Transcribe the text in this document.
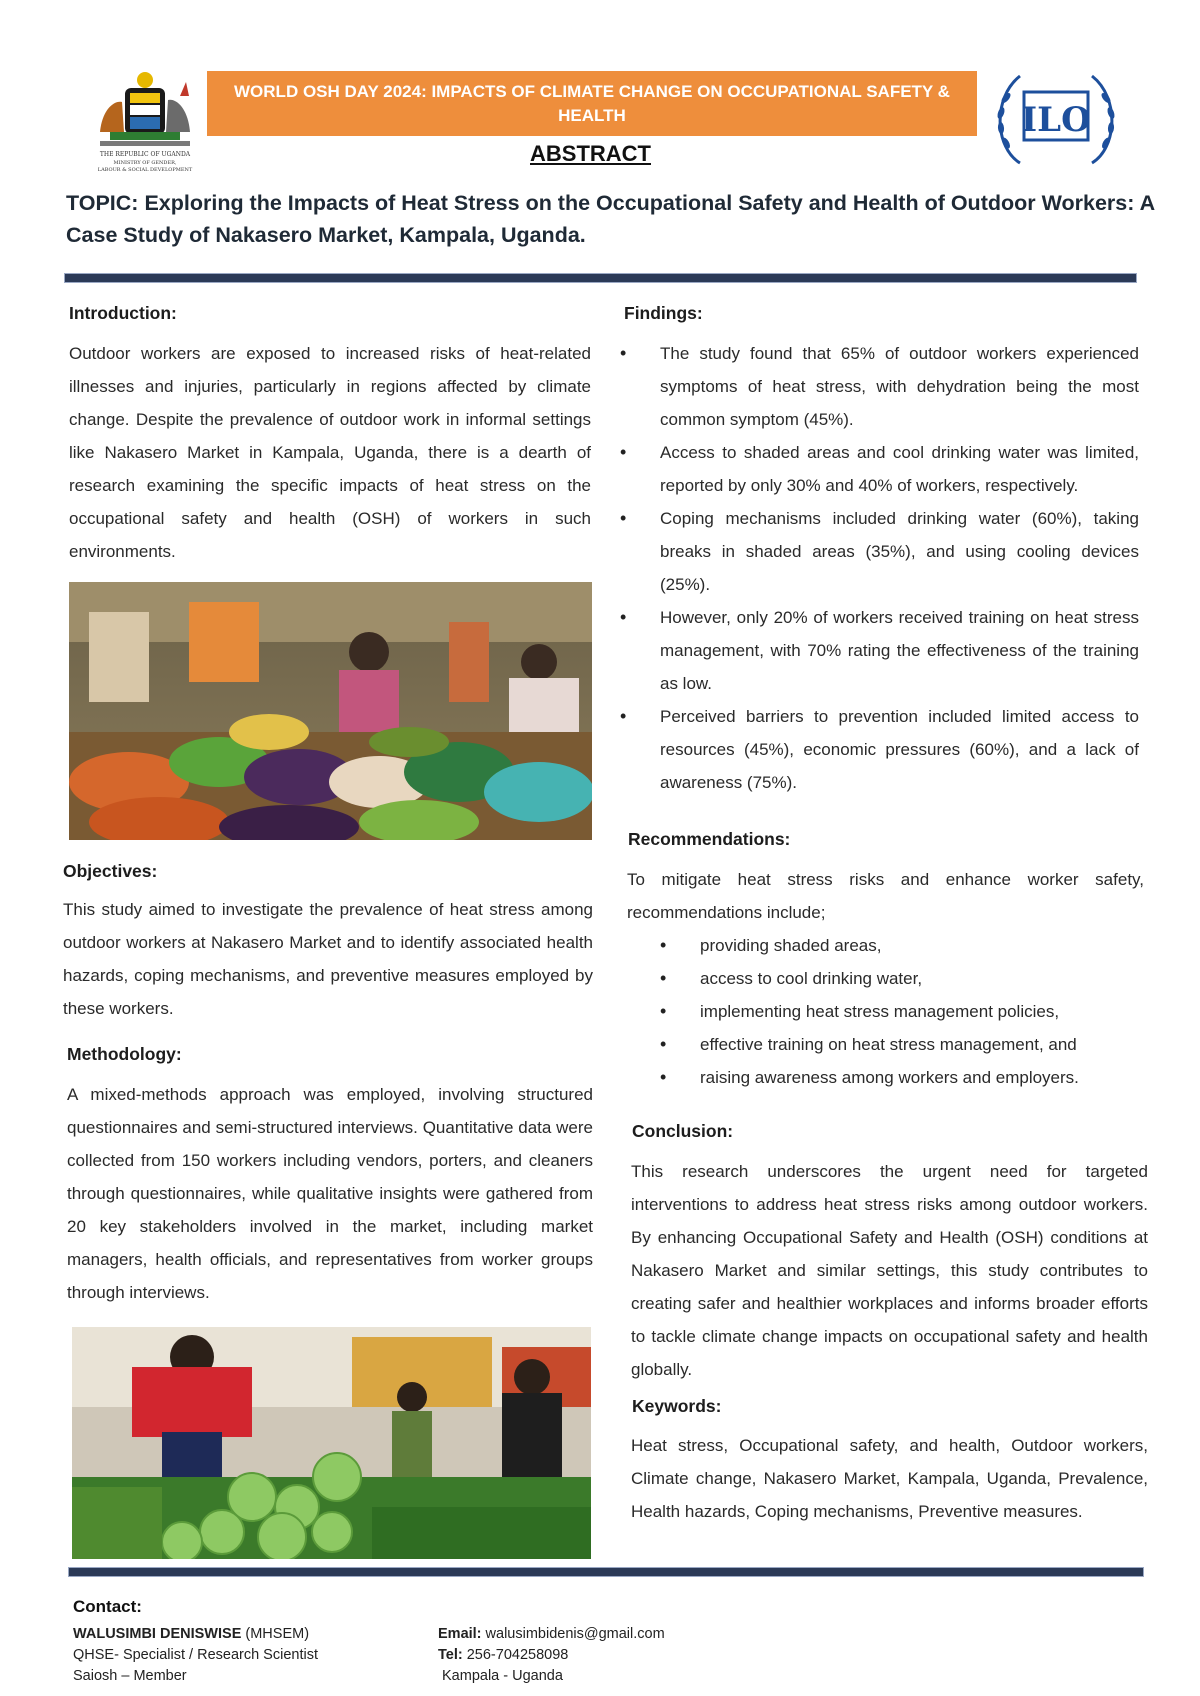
THE REPUBLIC OF UGANDA
MINISTRY OF GENDER,
LABOUR & SOCIAL DEVELOPMENT
WORLD OSH DAY 2024: IMPACTS OF CLIMATE CHANGE ON OCCUPATIONAL SAFETY & HEALTH	ILO
ABSTRACT
TOPIC: Exploring the Impacts of Heat Stress on the Occupational Safety and Health of Outdoor Workers: A Case Study of Nakasero Market, Kampala, Uganda.
Introduction:
Outdoor workers are exposed to increased risks of heat-related illnesses and injuries, particularly in regions affected by climate change. Despite the prevalence of outdoor work in informal settings like Nakasero Market in Kampala, Uganda, there is a dearth of research examining the specific impacts of heat stress on the occupational safety and health (OSH) of workers in such environments.
Objectives:
This study aimed to investigate the prevalence of heat stress among outdoor workers at Nakasero Market and to identify associated health hazards, coping mechanisms, and preventive measures employed by these workers.
Methodology:
A mixed-methods approach was employed, involving structured questionnaires and semi-structured interviews. Quantitative data were collected from 150 workers including vendors, porters, and cleaners through questionnaires, while qualitative insights were gathered from 20 key stakeholders involved in the market, including market managers, health officials, and representatives from worker groups through interviews.
Findings:
• The study found that 65% of outdoor workers experienced symptoms of heat stress, with dehydration being the most common symptom (45%).
• Access to shaded areas and cool drinking water was limited, reported by only 30% and 40% of workers, respectively.
• Coping mechanisms included drinking water (60%), taking breaks in shaded areas (35%), and using cooling devices (25%).
• However, only 20% of workers received training on heat stress management, with 70% rating the effectiveness of the training as low.
• Perceived barriers to prevention included limited access to resources (45%), economic pressures (60%), and a lack of awareness (75%).
Recommendations:
To mitigate heat stress risks and enhance worker safety, recommendations include;
• providing shaded areas,
• access to cool drinking water,
• implementing heat stress management policies,
• effective training on heat stress management, and
• raising awareness among workers and employers.
Conclusion:
This research underscores the urgent need for targeted interventions to address heat stress risks among outdoor workers. By enhancing Occupational Safety and Health (OSH) conditions at Nakasero Market and similar settings, this study contributes to creating safer and healthier workplaces and informs broader efforts to tackle climate change impacts on occupational safety and health globally.
Keywords:
Heat stress, Occupational safety, and health, Outdoor workers, Climate change, Nakasero Market, Kampala, Uganda, Prevalence, Health hazards, Coping mechanisms, Preventive measures.
Contact:
WALUSIMBI DENISWISE (MHSEM)
QHSE- Specialist / Research Scientist
Saiosh – Member
Email: walusimbidenis@gmail.com
Tel: 256-704258098
Kampala - Uganda
